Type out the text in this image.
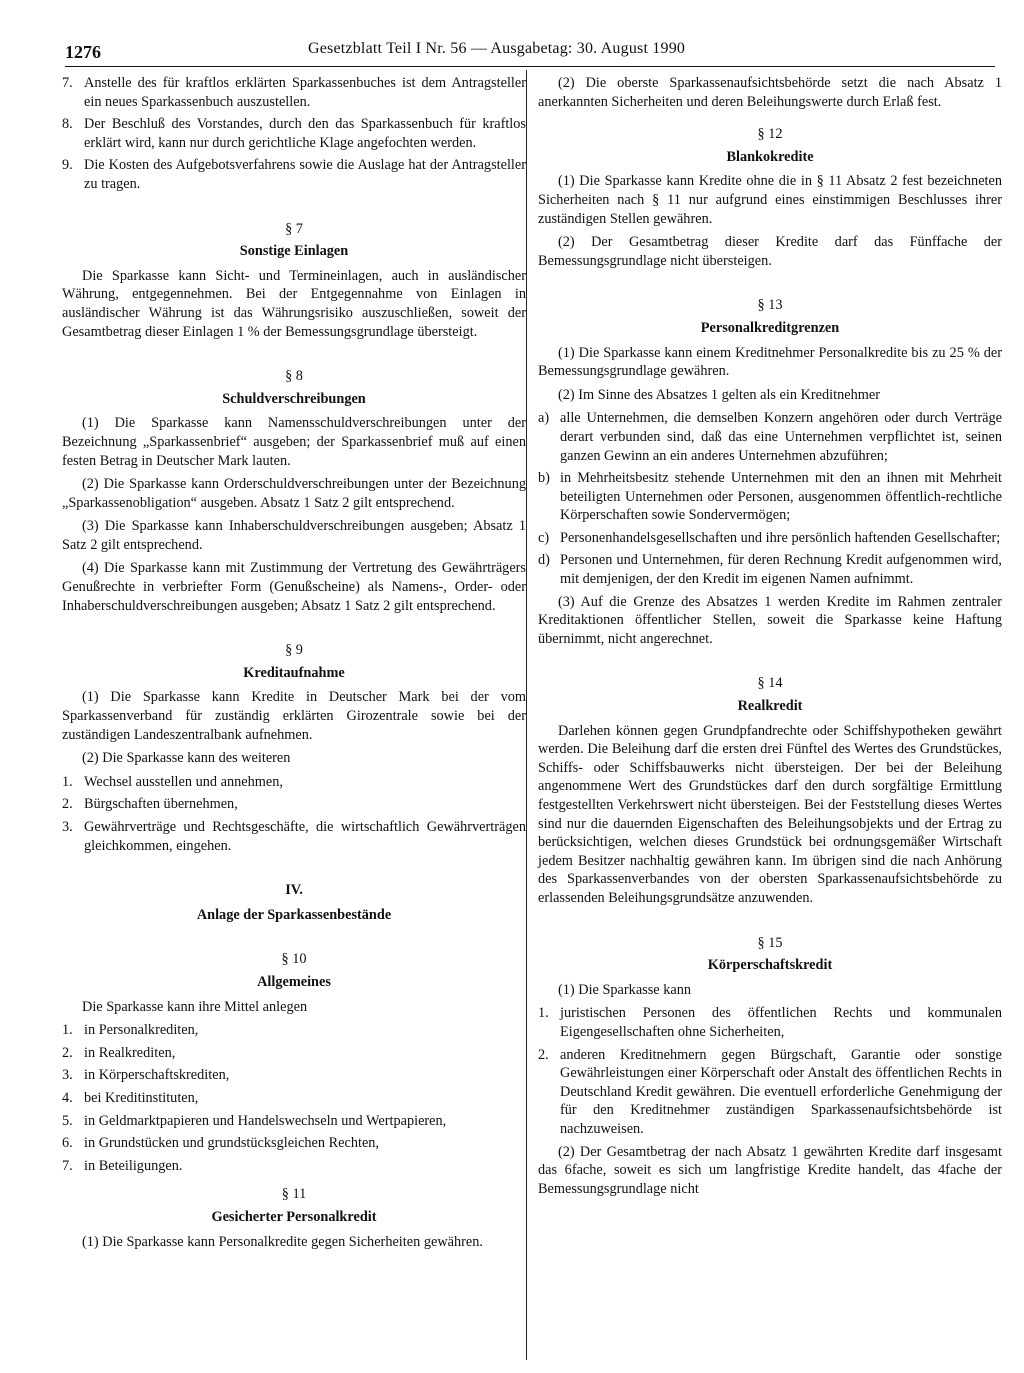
1276	Gesetzblatt Teil I Nr. 56 — Ausgabetag: 30. August 1990
7. Anstelle des für kraftlos erklärten Sparkassenbuches ist dem Antragsteller ein neues Sparkassenbuch auszustellen.
8. Der Beschluß des Vorstandes, durch den das Sparkassenbuch für kraftlos erklärt wird, kann nur durch gerichtliche Klage angefochten werden.
9. Die Kosten des Aufgebotsverfahrens sowie die Auslage hat der Antragsteller zu tragen.
§ 7
Sonstige Einlagen

Die Sparkasse kann Sicht- und Termineinlagen, auch in ausländischer Währung, entgegennehmen. Bei der Entgegennahme von Einlagen in ausländischer Währung ist das Währungsrisiko auszuschließen, soweit der Gesamtbetrag dieser Einlagen 1 % der Bemessungsgrundlage übersteigt.

§ 8
Schuldverschreibungen

(1) Die Sparkasse kann Namensschuldverschreibungen unter der Bezeichnung „Sparkassenbrief“ ausgeben; der Sparkassenbrief muß auf einen festen Betrag in Deutscher Mark lauten.

(2) Die Sparkasse kann Orderschuldverschreibungen unter der Bezeichnung „Sparkassenobligation“ ausgeben. Absatz 1 Satz 2 gilt entsprechend.

(3) Die Sparkasse kann Inhaberschuldverschreibungen ausgeben; Absatz 1 Satz 2 gilt entsprechend.

(4) Die Sparkasse kann mit Zustimmung der Vertretung des Gewährträgers Genußrechte in verbriefter Form (Genußscheine) als Namens-, Order- oder Inhaberschuldverschreibungen ausgeben; Absatz 1 Satz 2 gilt entsprechend.

§ 9
Kreditaufnahme

(1) Die Sparkasse kann Kredite in Deutscher Mark bei der vom Sparkassenverband für zuständig erklärten Girozentrale sowie bei der zuständigen Landeszentralbank aufnehmen.

(2) Die Sparkasse kann des weiteren

1. Wechsel ausstellen und annehmen,
2. Bürgschaften übernehmen,
3. Gewährverträge und Rechtsgeschäfte, die wirtschaftlich Gewährverträgen gleichkommen, eingehen.
IV.
Anlage der Sparkassenbestände
§ 10
Allgemeines

Die Sparkasse kann ihre Mittel anlegen

1. in Personalkrediten,
2. in Realkrediten,
3. in Körperschaftskrediten,
4. bei Kreditinstituten,
5. in Geldmarktpapieren und Handelswechseln und Wertpapieren,
6. in Grundstücken und grundstücksgleichen Rechten,
7. in Beteiligungen.
§ 11
Gesicherter Personalkredit

(1) Die Sparkasse kann Personalkredite gegen Sicherheiten gewähren.

(2) Die oberste Sparkassenaufsichtsbehörde setzt die nach Absatz 1 anerkannten Sicherheiten und deren Beleihungswerte durch Erlaß fest.

§ 12
Blankokredite

(1) Die Sparkasse kann Kredite ohne die in § 11 Absatz 2 fest bezeichneten Sicherheiten nach § 11 nur aufgrund eines einstimmigen Beschlusses ihrer zuständigen Stellen gewähren.

(2) Der Gesamtbetrag dieser Kredite darf das Fünffache der Bemessungsgrundlage nicht übersteigen.

§ 13
Personalkreditgrenzen

(1) Die Sparkasse kann einem Kreditnehmer Personalkredite bis zu 25 % der Bemessungsgrundlage gewähren.

(2) Im Sinne des Absatzes 1 gelten als ein Kreditnehmer

a) alle Unternehmen, die demselben Konzern angehören oder durch Verträge derart verbunden sind, daß das eine Unternehmen verpflichtet ist, seinen ganzen Gewinn an ein anderes Unternehmen abzuführen;
b) in Mehrheitsbesitz stehende Unternehmen mit den an ihnen mit Mehrheit beteiligten Unternehmen oder Personen, ausgenommen öffentlich-rechtliche Körperschaften sowie Sondervermögen;
c) Personenhandelsgesellschaften und ihre persönlich haftenden Gesellschafter;
d) Personen und Unternehmen, für deren Rechnung Kredit aufgenommen wird, mit demjenigen, der den Kredit im eigenen Namen aufnimmt.

(3) Auf die Grenze des Absatzes 1 werden Kredite im Rahmen zentraler Kreditaktionen öffentlicher Stellen, soweit die Sparkasse keine Haftung übernimmt, nicht angerechnet.

§ 14
Realkredit

Darlehen können gegen Grundpfandrechte oder Schiffshypotheken gewährt werden. Die Beleihung darf die ersten drei Fünftel des Wertes des Grundstückes, Schiffs- oder Schiffsbauwerks nicht übersteigen. Der bei der Beleihung angenommene Wert des Grundstückes darf den durch sorgfältige Ermittlung festgestellten Verkehrswert nicht übersteigen. Bei der Feststellung dieses Wertes sind nur die dauernden Eigenschaften des Beleihungsobjekts und der Ertrag zu berücksichtigen, welchen dieses Grundstück bei ordnungsgemäßer Wirtschaft jedem Besitzer nachhaltig gewähren kann. Im übrigen sind die nach Anhörung des Sparkassenverbandes von der obersten Sparkassenaufsichtsbehörde zu erlassenden Beleihungsgrundsätze anzuwenden.

§ 15
Körperschaftskredit

(1) Die Sparkasse kann

1. juristischen Personen des öffentlichen Rechts und kommunalen Eigengesellschaften ohne Sicherheiten,
2. anderen Kreditnehmern gegen Bürgschaft, Garantie oder sonstige Gewährleistungen einer Körperschaft oder Anstalt des öffentlichen Rechts in Deutschland Kredit gewähren. Die eventuell erforderliche Genehmigung der für den Kreditnehmer zuständigen Sparkassenaufsichtsbehörde ist nachzuweisen.

(2) Der Gesamtbetrag der nach Absatz 1 gewährten Kredite darf insgesamt das 6fache, soweit es sich um langfristige Kredite handelt, das 4fache der Bemessungsgrundlage nicht
